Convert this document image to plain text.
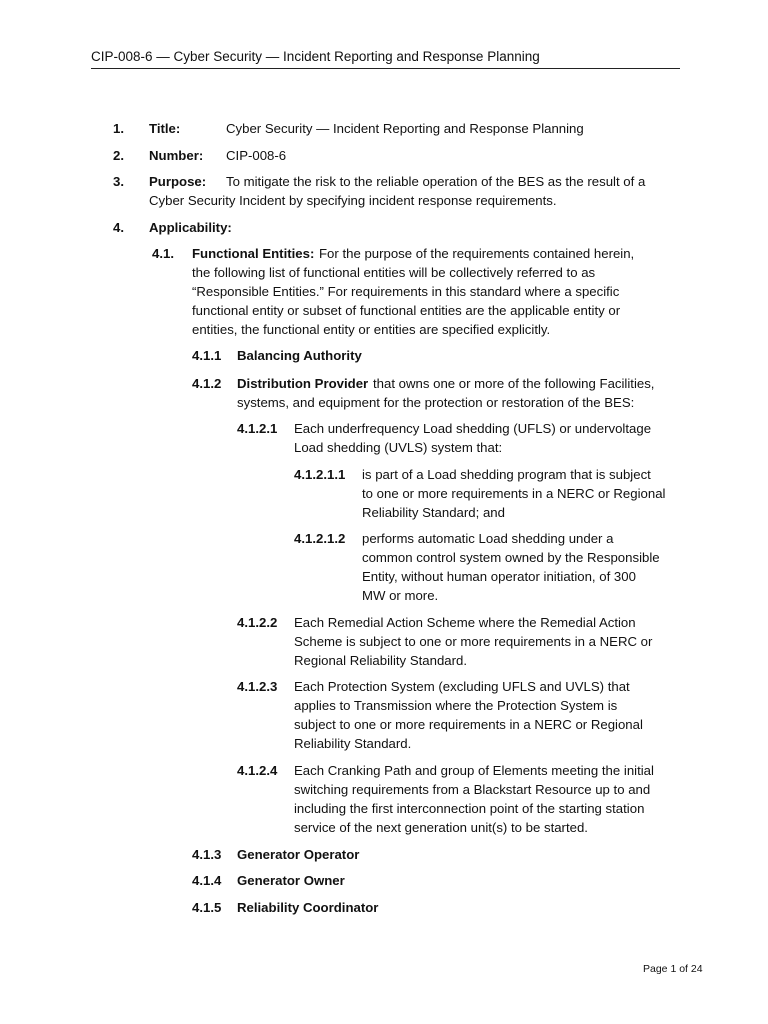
CIP-008-6 — Cyber Security — Incident Reporting and Response Planning
1. Title:	Cyber Security — Incident Reporting and Response Planning
2. Number: CIP-008-6
3. Purpose: To mitigate the risk to the reliable operation of the BES as the result of a
Cyber Security Incident by specifying incident response requirements.
4. Applicability:
4.1. Functional Entities: For the purpose of the requirements contained herein,
the following list of functional entities will be collectively referred to as
“Responsible Entities.” For requirements in this standard where a specific
functional entity or subset of functional entities are the applicable entity or
entities, the functional entity or entities are specified explicitly.
4.1.1 Balancing Authority
4.1.2 Distribution Provider that owns one or more of the following Facilities,
systems, and equipment for the protection or restoration of the BES:
4.1.2.1 Each underfrequency Load shedding (UFLS) or undervoltage
Load shedding (UVLS) system that:
4.1.2.1.1 is part of a Load shedding program that is subject
to one or more requirements in a NERC or Regional
Reliability Standard; and
4.1.2.1.2 performs automatic Load shedding under a
common control system owned by the Responsible
Entity, without human operator initiation, of 300
MW or more.
4.1.2.2 Each Remedial Action Scheme where the Remedial Action
Scheme is subject to one or more requirements in a NERC or
Regional Reliability Standard.
4.1.2.3 Each Protection System (excluding UFLS and UVLS) that
applies to Transmission where the Protection System is
subject to one or more requirements in a NERC or Regional
Reliability Standard.
4.1.2.4 Each Cranking Path and group of Elements meeting the initial
switching requirements from a Blackstart Resource up to and
including the first interconnection point of the starting station
service of the next generation unit(s) to be started.
4.1.3 Generator Operator
4.1.4 Generator Owner
4.1.5 Reliability Coordinator
Page 1 of 24
